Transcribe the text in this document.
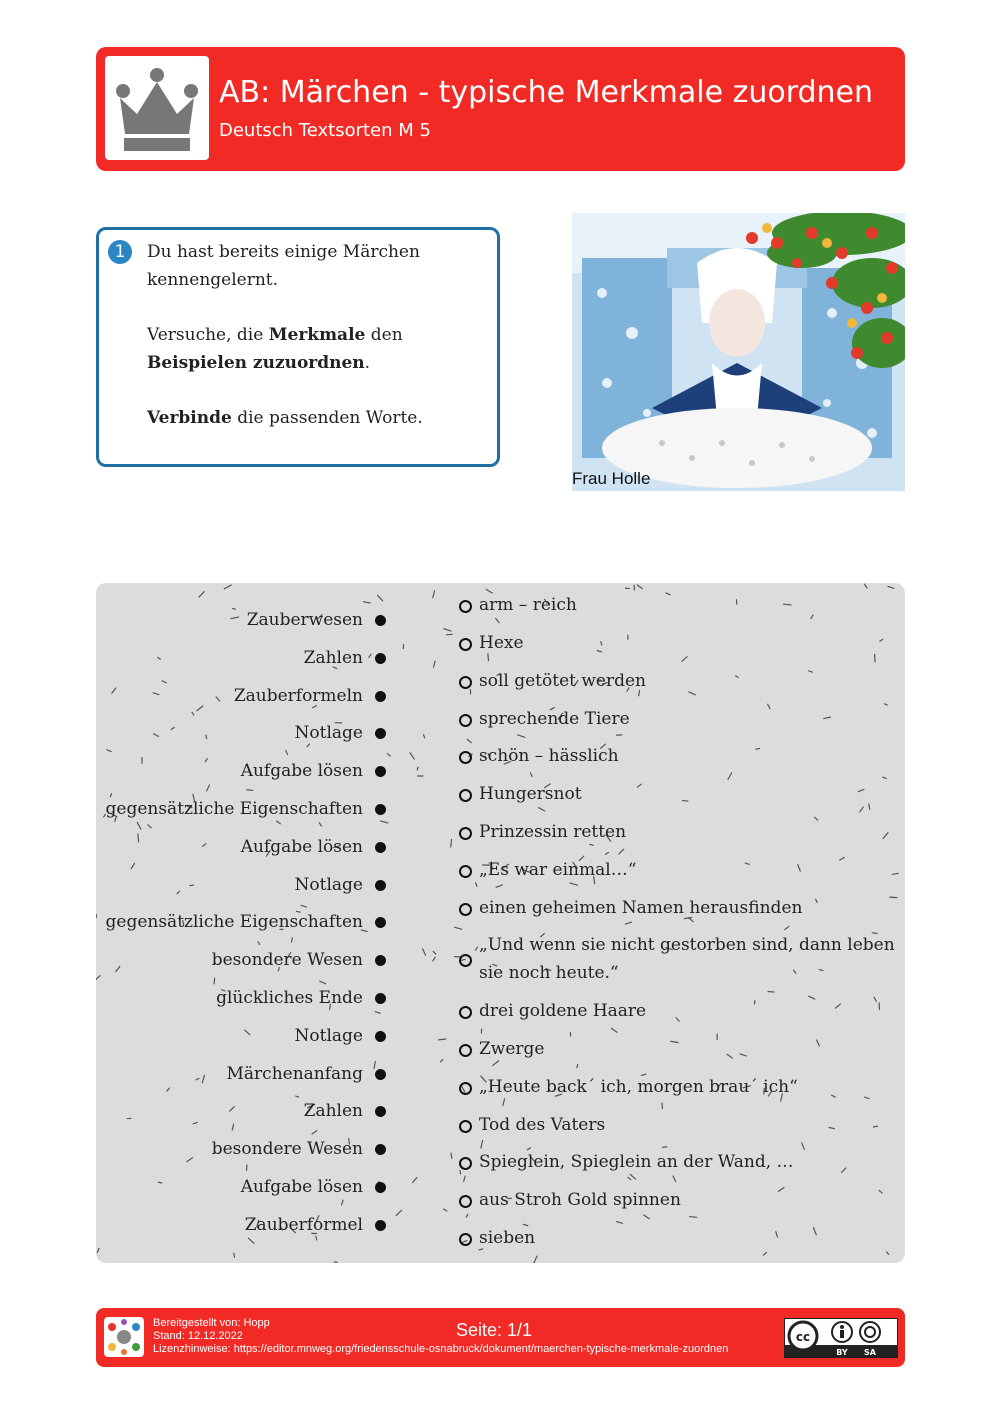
AB: Märchen - typische Merkmale zuordnen
Deutsch Textsorten M 5
1	Du hast bereits einige Märchen kennengelernt.

Versuche, die Merkmale den Beispielen zuzuordnen.

Verbinde die passenden Worte.

Frau Holle
Zauberwesen
Zahlen
Zauberformeln
Notlage
Aufgabe lösen
gegensätzliche Eigenschaften
Aufgabe lösen
Notlage
gegensätzliche Eigenschaften
besondere Wesen
glückliches Ende
Notlage
Märchenanfang
Zahlen
besondere Wesen
Aufgabe lösen
Zauberformel
arm – reich
Hexe
soll getötet werden
sprechende Tiere
schön – hässlich
Hungersnot
Prinzessin retten
„Es war einmal…“
einen geheimen Namen herausfinden
„Und wenn sie nicht gestorben sind, dann leben sie noch heute.“
drei goldene Haare
Zwerge
„Heute back´ ich, morgen brau´ ich“
Tod des Vaters
Spieglein, Spieglein an der Wand, …
aus Stroh Gold spinnen
sieben
Bereitgestellt von: Hopp
Stand: 12.12.2022
Lizenzhinweise: https://editor.mnweg.org/friedensschule-osnabruck/dokument/maerchen-typische-merkmale-zuordnen
Seite: 1/1	cc
BY SA
